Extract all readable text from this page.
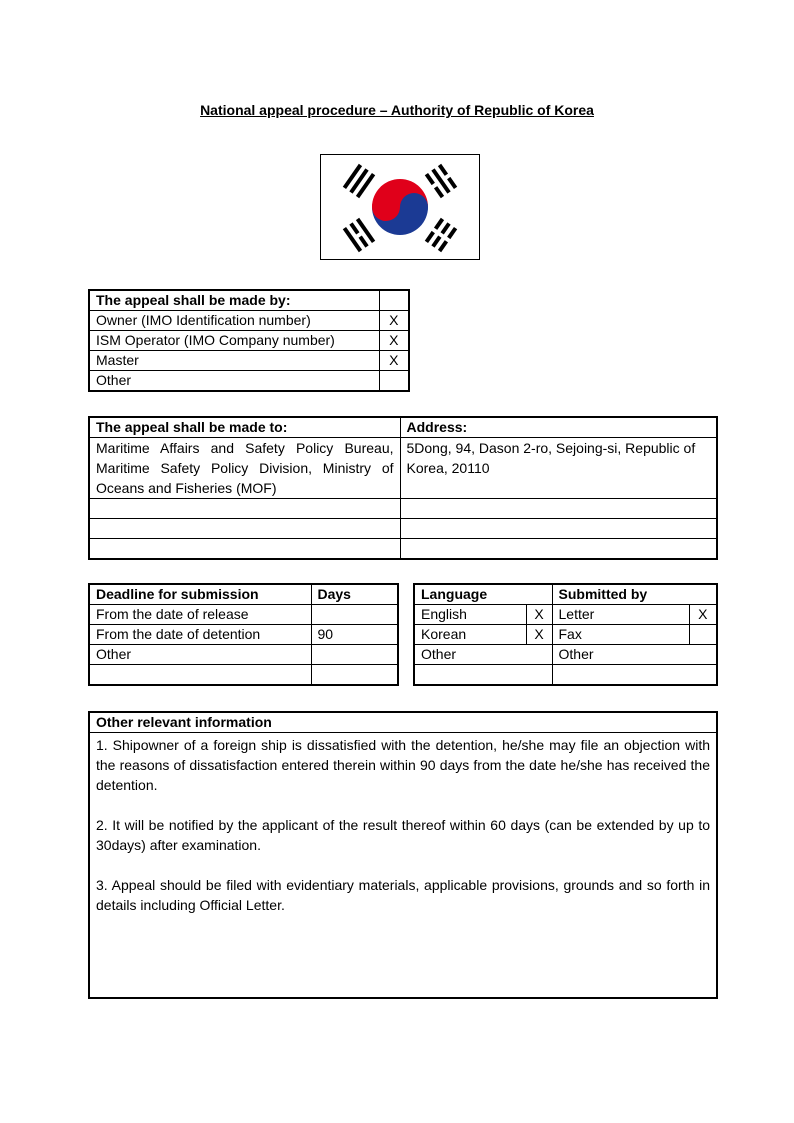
National appeal procedure – Authority of Republic of Korea
The appeal shall be made by:	
Owner (IMO Identification number)	X
ISM Operator (IMO Company number)	X
Master	X
Other	
The appeal shall be made to:	Address:
Maritime Affairs and Safety Policy Bureau, Maritime Safety Policy Division, Ministry of Oceans and Fisheries (MOF)	5Dong, 94, Dason 2-ro, Sejoing-si, Republic of Korea, 20110

Deadline for submission	Days
From the date of release	
From the date of detention	90
Other	

Language		Submitted by	
English	X	Letter	X
Korean	X	Fax	
Other		Other	

Other relevant information

1. Shipowner of a foreign ship is dissatisfied with the detention, he/she may file an objection with the reasons of dissatisfaction entered therein within 90 days from the date he/she has received the detention.

2. It will be notified by the applicant of the result thereof within 60 days (can be extended by up to 30days) after examination.

3. Appeal should be filed with evidentiary materials, applicable provisions, grounds and so forth in details including Official Letter.
